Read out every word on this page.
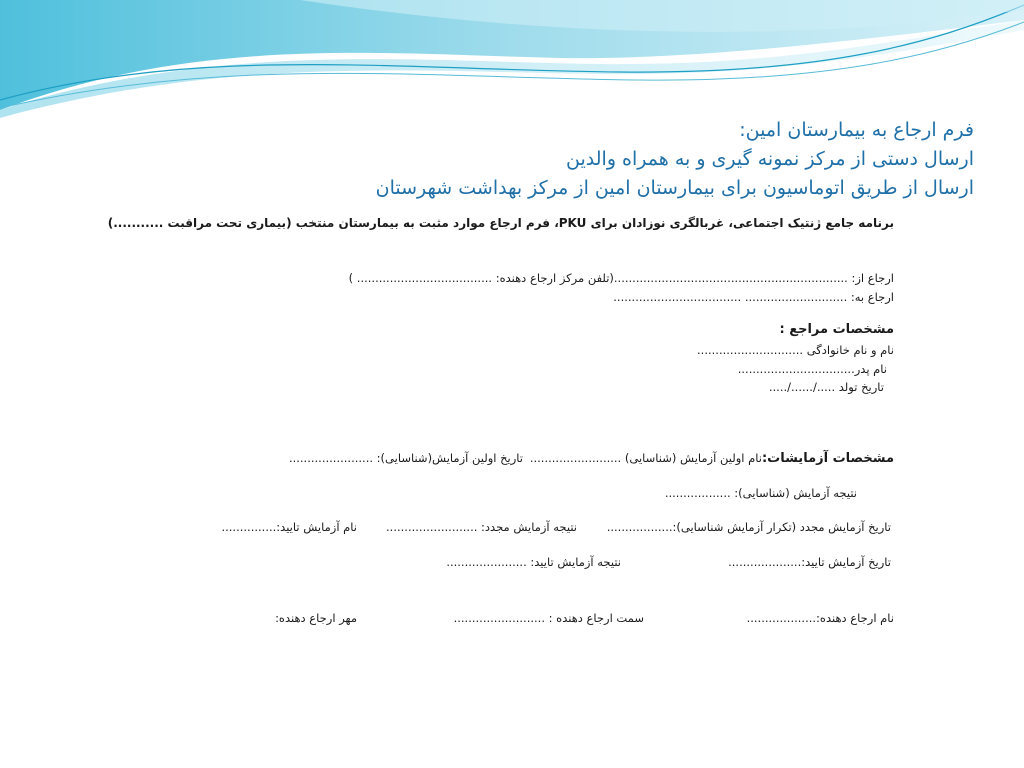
فرم ارجاع به بیمارستان امین:
ارسال دستی از مرکز نمونه گیری و به همراه والدین
ارسال از طریق اتوماسیون برای بیمارستان امین از مرکز بهداشت شهرستان
برنامه جامع ژنتیک اجتماعی، غربالگری نوزادان برای PKU، فرم ارجاع موارد مثبت به بیمارستان منتخب (بیماری تحت مراقبت ...........)
ارجاع از: ................................................................(تلفن مرکز ارجاع دهنده: ..................................... )
ارجاع به: ............................ ...................................
مشخصات مراجع :
نام و نام خانوادگی .............................
نام پدر................................
تاریخ تولد ...../....../.....
مشخصات آزمایشات:نام اولین آزمایش (شناسایی) .........................
تاریخ اولین آزمایش(شناسایی): .......................
نتیجه آزمایش (شناسایی): ..................
تاریخ آزمایش مجدد (تکرار آزمایش شناسایی):..................
نتیجه آزمایش مجدد: .........................
نام آزمایش تایید:...............
تاریخ آزمایش تایید:....................
نتیجه آزمایش تایید: ......................
نام ارجاع دهنده:...................
سمت ارجاع دهنده : .........................
مهر ارجاع دهنده:
